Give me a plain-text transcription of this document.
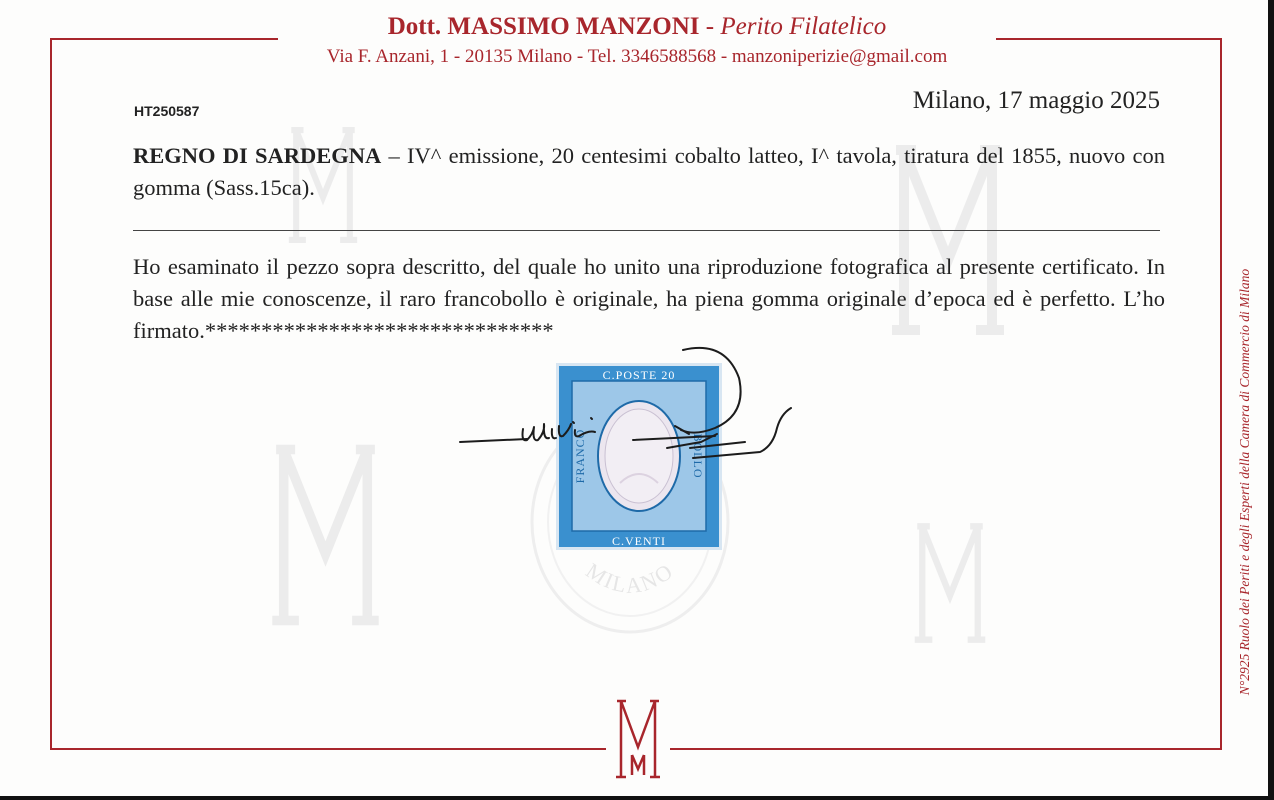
Dott. MASSIMO MANZONI - Perito Filatelico
Via F. Anzani, 1 - 20135 Milano - Tel. 3346588568 - manzoniperizie@gmail.com
HT250587	Milano, 17 maggio 2025
REGNO DI SARDEGNA – IV^ emissione, 20 centesimi cobalto latteo, I^ tavola, tiratura del 1855, nuovo con gomma (Sass.15ca).
Ho esaminato il pezzo sopra descritto, del quale ho unito una riproduzione fotografica al presente certificato. In base alle mie conoscenze, il raro francobollo è originale, ha piena gomma originale d’epoca ed è perfetto. L’ho firmato.*******************************
MILANO
C.POSTE 20
C.VENTI
FRANCO	BOLLO	N°2925 Ruolo dei Periti e degli Esperti della Camera di Commercio di Milano
